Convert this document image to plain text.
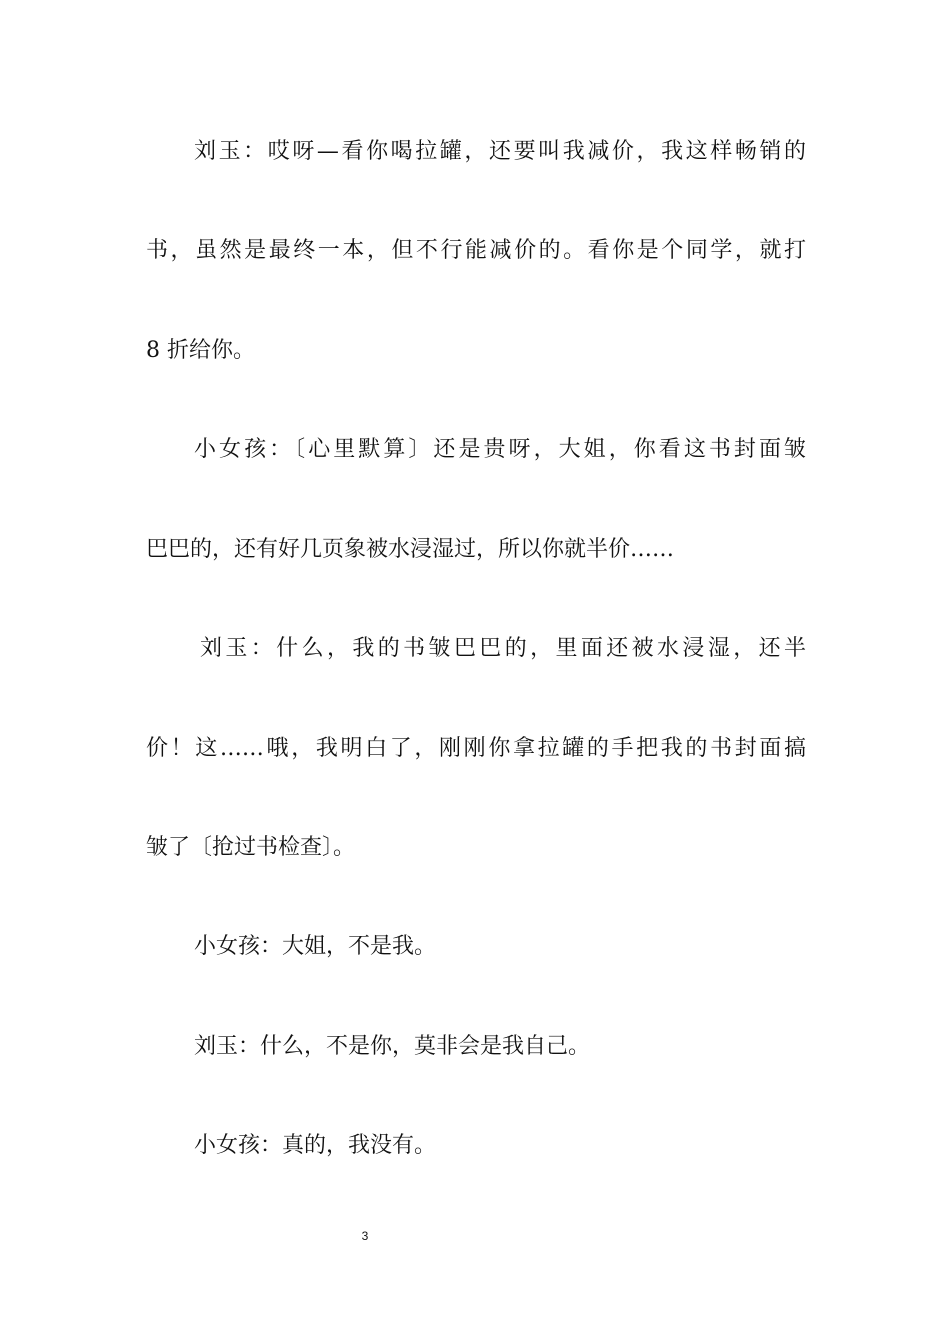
刘玉：哎呀—看你喝拉罐，还要叫我减价，我这样畅销的
书，虽然是最终一本，但不行能减价的。看你是个同学，就打
8 折给你。
小女孩：〔心里默算〕还是贵呀，大姐，你看这书封面皱
巴巴的，还有好几页象被水浸湿过，所以你就半价……
刘玉：什么，我的书皱巴巴的，里面还被水浸湿，还半
价！这……哦，我明白了，刚刚你拿拉罐的手把我的书封面搞
皱了〔抢过书检查〕。
小女孩：大姐，不是我。
刘玉：什么，不是你，莫非会是我自己。
小女孩：真的，我没有。
3
